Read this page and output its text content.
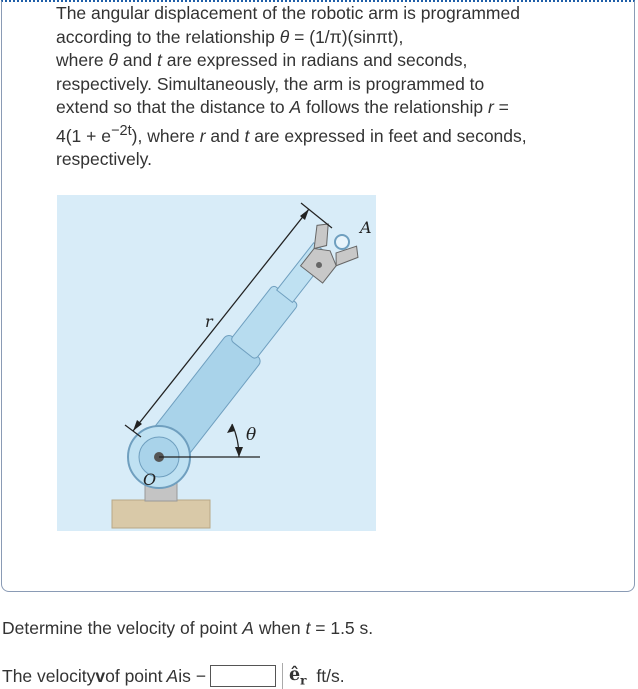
The angular displacement of the robotic arm is programmed

according to the relationship θ = (1/π)(sinπt),

where θ and t are expressed in radians and seconds,

respectively. Simultaneously, the arm is programmed to

extend so that the distance to A follows the relationship r =

$4(1 + e^{-2t})$, where r and t are expressed in feet and seconds,

respectively.

A
r
θ
O

Determine the velocity of point A when t = 1.5 s.

The velocity v of point A is −	$ê_r$ ft/s.
